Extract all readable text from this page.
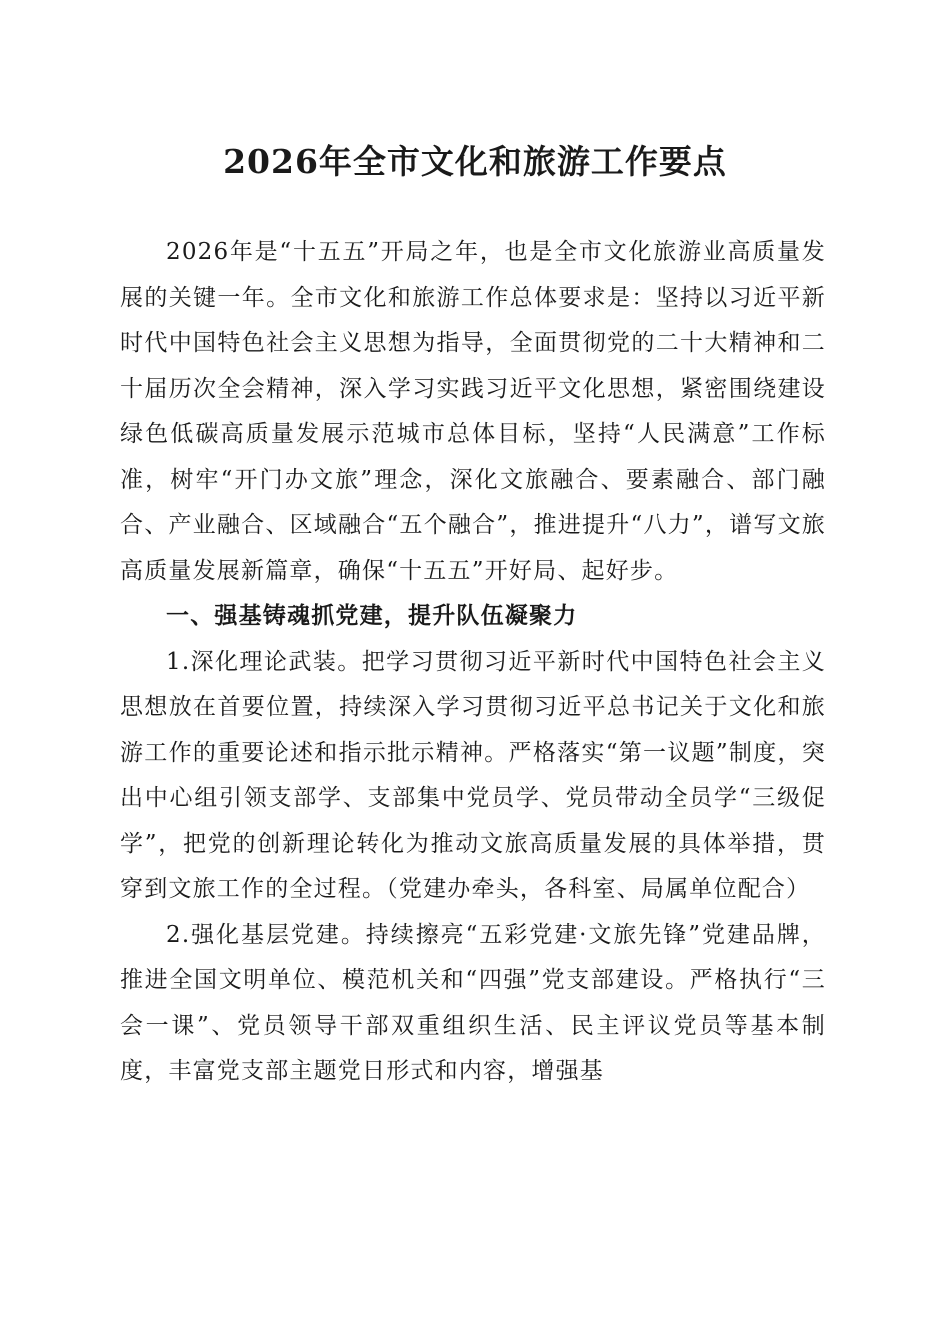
2026年全市文化和旅游工作要点

2026年是“十五五”开局之年，也是全市文化旅游业高质量发展的关键一年。全市文化和旅游工作总体要求是：坚持以习近平新时代中国特色社会主义思想为指导，全面贯彻党的二十大精神和二十届历次全会精神，深入学习实践习近平文化思想，紧密围绕建设绿色低碳高质量发展示范城市总体目标，坚持“人民满意”工作标准，树牢“开门办文旅”理念，深化文旅融合、要素融合、部门融合、产业融合、区域融合“五个融合”，推进提升“八力”，谱写文旅高质量发展新篇章，确保“十五五”开好局、起好步。

一、强基铸魂抓党建，提升队伍凝聚力

1.深化理论武装。把学习贯彻习近平新时代中国特色社会主义思想放在首要位置，持续深入学习贯彻习近平总书记关于文化和旅游工作的重要论述和指示批示精神。严格落实“第一议题”制度，突出中心组引领支部学、支部集中党员学、党员带动全员学“三级促学”，把党的创新理论转化为推动文旅高质量发展的具体举措，贯穿到文旅工作的全过程。（党建办牵头，各科室、局属单位配合）

2.强化基层党建。持续擦亮“五彩党建·文旅先锋”党建品牌，推进全国文明单位、模范机关和“四强”党支部建设。严格执行“三会一课”、党员领导干部双重组织生活、民主评议党员等基本制度，丰富党支部主题党日形式和内容，增强基
